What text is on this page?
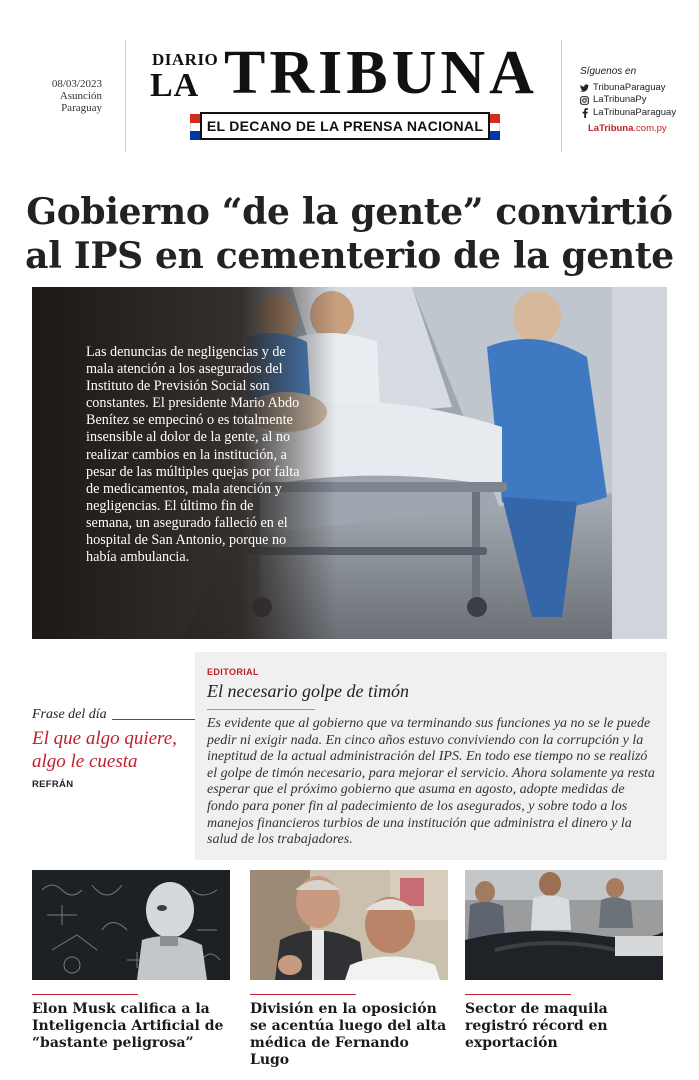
08/03/2023
Asunción
Paraguay
DIARIO
LA TRIBUNA
EL DECANO DE LA PRENSA NACIONAL
Síguenos en
TribunaParaguay
LaTribunaPy
LaTribunaParaguay
LaTribuna.com.py
Gobierno “de la gente” convirtió
al IPS en cementerio de la gente

Las denuncias de negligencias y de mala atención a los asegurados del Instituto de Previsión Social son constantes. El presidente Mario Abdo Benítez se empecinó o es totalmente insensible al dolor de la gente, al no realizar cambios en la institución, a pesar de las múltiples quejas por falta de medicamentos, mala atención y negligencias. El último fin de semana, un asegurado falleció en el hospital de San Antonio, porque no había ambulancia.

Frase del día
El que algo quiere, algo le cuesta
REFRÁN
EDITORIAL
El necesario golpe de timón

Es evidente que al gobierno que va terminando sus funciones ya no se le puede pedir ni exigir nada. En cinco años estuvo conviviendo con la corrupción y la ineptitud de la actual administración del IPS. En todo ese tiempo no se realizó el golpe de timón necesario, para mejorar el servicio. Ahora solamente ya resta esperar que el próximo gobierno que asuma en agosto, adopte medidas de fondo para poner fin al padecimiento de los asegurados, y sobre todo a los manejos financieros turbios de una institución que administra el dinero y la salud de los trabajadores.

Elon Musk califica a la Inteligencia Artificial de “bastante peligrosa”
División en la oposición se acentúa luego del alta médica de Fernando Lugo
Sector de maquila registró récord en exportación
